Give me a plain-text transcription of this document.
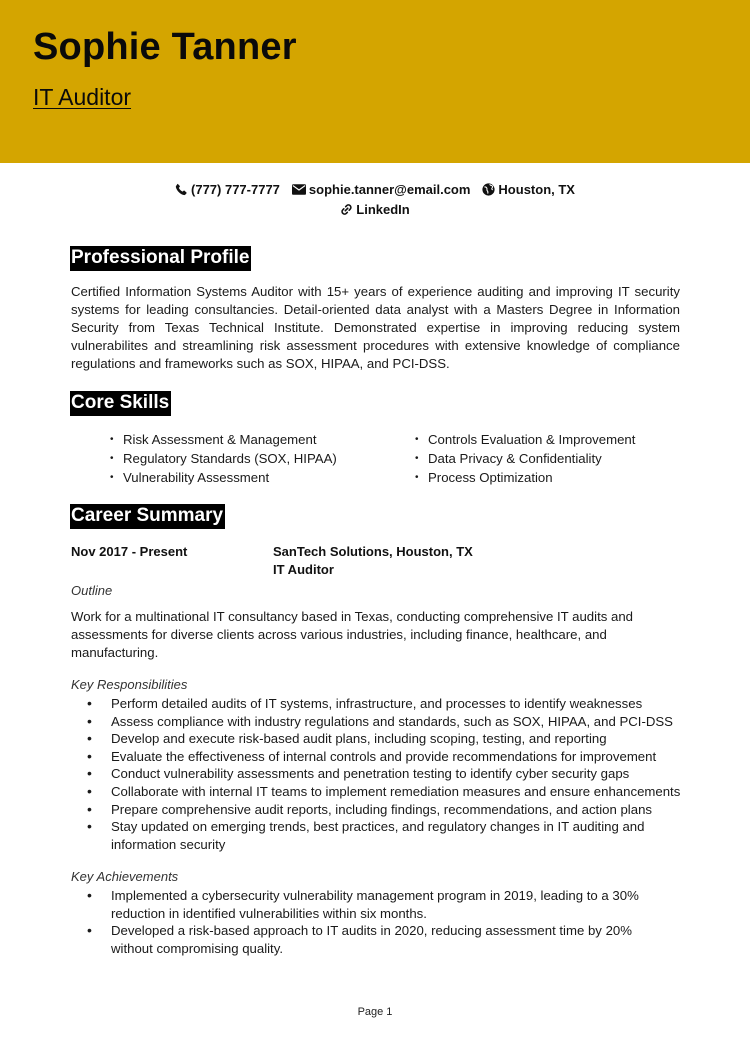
Sophie Tanner
IT Auditor
(777) 777-7777 sophie.tanner@email.com Houston, TX
LinkedIn
Professional Profile
Certified Information Systems Auditor with 15+ years of experience auditing and improving IT security systems for leading consultancies. Detail-oriented data analyst with a Masters Degree in Information Security from Texas Technical Institute. Demonstrated expertise in improving reducing system vulnerabilites and streamlining risk assessment procedures with extensive knowledge of compliance regulations and frameworks such as SOX, HIPAA, and PCI-DSS.
Core Skills
• Risk Assessment & Management	• Controls Evaluation & Improvement
• Regulatory Standards (SOX, HIPAA)	• Data Privacy & Confidentiality
• Vulnerability Assessment	• Process Optimization
Career Summary
Nov 2017 - Present	SanTech Solutions, Houston, TX
IT Auditor
Outline
Work for a multinational IT consultancy based in Texas, conducting comprehensive IT audits and assessments for diverse clients across various industries, including finance, healthcare, and manufacturing.
Key Responsibilities
• Perform detailed audits of IT systems, infrastructure, and processes to identify weaknesses
• Assess compliance with industry regulations and standards, such as SOX, HIPAA, and PCI-DSS
• Develop and execute risk-based audit plans, including scoping, testing, and reporting
• Evaluate the effectiveness of internal controls and provide recommendations for improvement
• Conduct vulnerability assessments and penetration testing to identify cyber security gaps
• Collaborate with internal IT teams to implement remediation measures and ensure enhancements
• Prepare comprehensive audit reports, including findings, recommendations, and action plans
• Stay updated on emerging trends, best practices, and regulatory changes in IT auditing and information security
Key Achievements
• Implemented a cybersecurity vulnerability management program in 2019, leading to a 30% reduction in identified vulnerabilities within six months.
• Developed a risk-based approach to IT audits in 2020, reducing assessment time by 20% without compromising quality.
Page 1
